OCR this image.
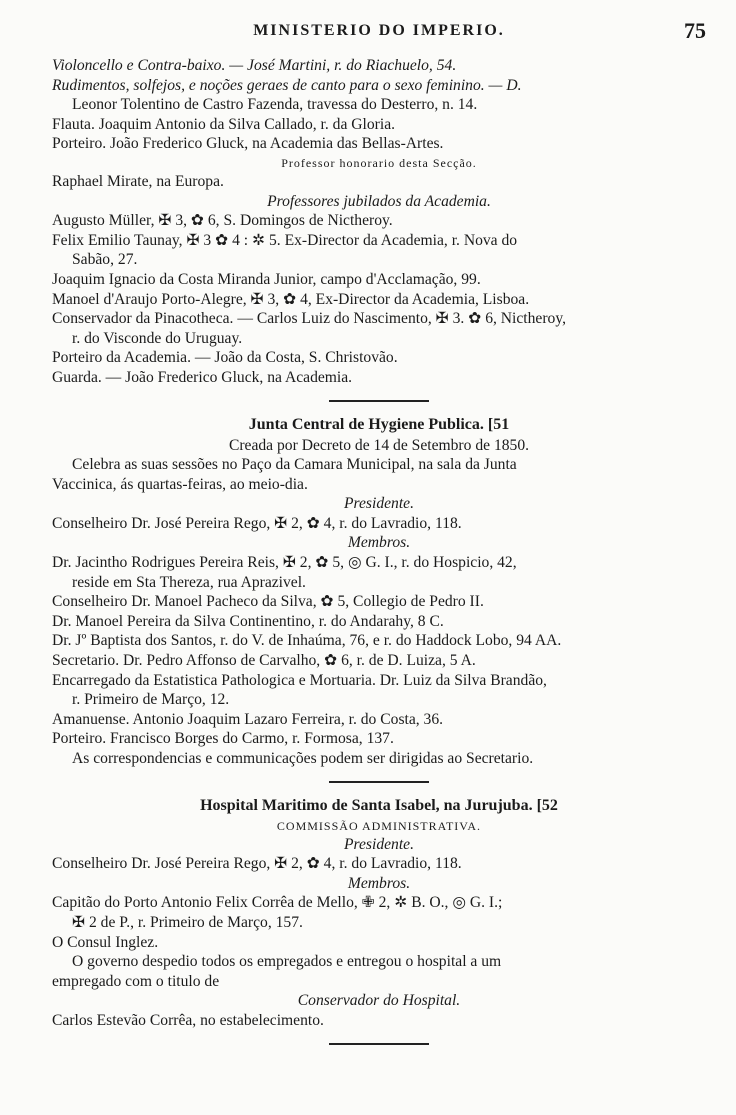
MINISTERIO DO IMPERIO.	75
Violoncello e Contra-baixo. — José Martini, r. do Riachuelo, 54.
Rudimentos, solfejos, e noções geraes de canto para o sexo feminino. — D.
Leonor Tolentino de Castro Fazenda, travessa do Desterro, n. 14.
Flauta. Joaquim Antonio da Silva Callado, r. da Gloria.
Porteiro. João Frederico Gluck, na Academia das Bellas-Artes.
Professor honorario desta Secção.
Raphael Mirate, na Europa.
Professores jubilados da Academia.
Augusto Müller, ✠ 3, ✿ 6, S. Domingos de Nictheroy.
Felix Emilio Taunay, ✠ 3 ✿ 4 : ✲ 5. Ex-Director da Academia, r. Nova do
Sabão, 27.
Joaquim Ignacio da Costa Miranda Junior, campo d'Acclamação, 99.
Manoel d'Araujo Porto-Alegre, ✠ 3, ✿ 4, Ex-Director da Academia, Lisboa.
Conservador da Pinacotheca. — Carlos Luiz do Nascimento, ✠ 3. ✿ 6, Nictheroy,
r. do Visconde do Uruguay.
Porteiro da Academia. — João da Costa, S. Christovão.
Guarda. — João Frederico Gluck, na Academia.
Junta Central de Hygiene Publica. [51
Creada por Decreto de 14 de Setembro de 1850.
Celebra as suas sessões no Paço da Camara Municipal, na sala da Junta
Vaccinica, ás quartas-feiras, ao meio-dia.
Presidente.
Conselheiro Dr. José Pereira Rego, ✠ 2, ✿ 4, r. do Lavradio, 118.
Membros.
Dr. Jacintho Rodrigues Pereira Reis, ✠ 2, ✿ 5, ◎ G. I., r. do Hospicio, 42,
reside em Sta Thereza, rua Aprazivel.
Conselheiro Dr. Manoel Pacheco da Silva, ✿ 5, Collegio de Pedro II.
Dr. Manoel Pereira da Silva Continentino, r. do Andarahy, 8 C.
Dr. Jº Baptista dos Santos, r. do V. de Inhaúma, 76, e r. do Haddock Lobo, 94 AA.
Secretario. Dr. Pedro Affonso de Carvalho, ✿ 6, r. de D. Luiza, 5 A.
Encarregado da Estatistica Pathologica e Mortuaria. Dr. Luiz da Silva Brandão,
r. Primeiro de Março, 12.
Amanuense. Antonio Joaquim Lazaro Ferreira, r. do Costa, 36.
Porteiro. Francisco Borges do Carmo, r. Formosa, 137.
As correspondencias e communicações podem ser dirigidas ao Secretario.
Hospital Maritimo de Santa Isabel, na Jurujuba. [52
COMMISSÃO ADMINISTRATIVA.
Presidente.
Conselheiro Dr. José Pereira Rego, ✠ 2, ✿ 4, r. do Lavradio, 118.
Membros.
Capitão do Porto Antonio Felix Corrêa de Mello, ✙ 2, ✲ B. O., ◎ G. I.;
✠ 2 de P., r. Primeiro de Março, 157.
O Consul Inglez.
O governo despedio todos os empregados e entregou o hospital a um
empregado com o titulo de
Conservador do Hospital.
Carlos Estevão Corrêa, no estabelecimento.
